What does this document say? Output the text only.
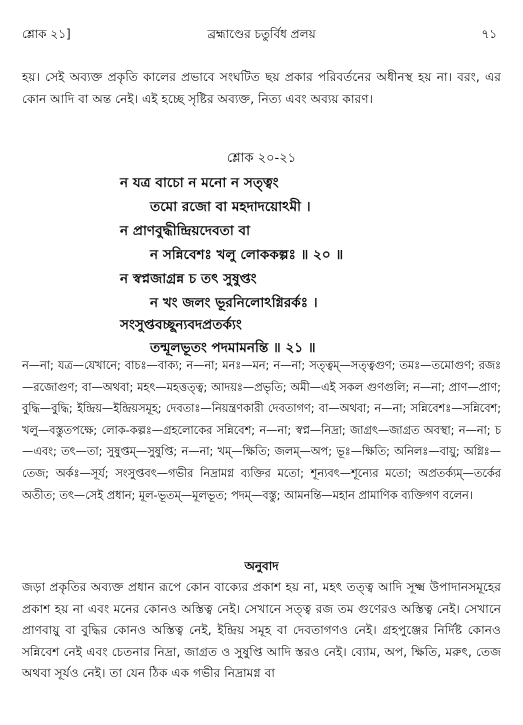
শ্লোক ২১]	ব্রহ্মাণ্ডের চতুর্বিধ প্রলয়	৭১
হয়। সেই অব্যক্ত প্রকৃতি কালের প্রভাবে সংঘটিত ছয় প্রকার পরিবর্তনের অধীনস্থ হয় না। বরং, এর কোন আদি বা অন্ত নেই। এই হচ্ছে সৃষ্টির অব্যক্ত, নিত্য এবং অব্যয় কারণ।
শ্লোক ২০-২১
ন যত্র বাচো ন মনো ন সত্ত্বং
তমো রজো বা মহদাদয়োঽমী ।
ন প্রাণবুদ্ধীন্দ্রিয়দেবতা বা
ন সন্নিবেশঃ খলু লোককল্পঃ ॥ ২০ ॥
ন স্বপ্নজাগ্রন্ন চ তৎ সুষুপ্তং
ন খং জলং ভূরনিলোঽগ্নিরর্কঃ ।
সংসুপ্তবচ্ছূন্যবদপ্রতর্ক্যং
তন্মূলভূতং পদমামনন্তি ॥ ২১ ॥
ন—না; যত্র—যেখানে; বাচঃ—বাক্য; ন—না; মনঃ—মন; ন—না; সত্ত্বম্—সত্ত্বগুণ; তমঃ—তমোগুণ; রজঃ—রজোগুণ; বা—অথবা; মহৎ—মহত্তত্ত্ব; আদয়ঃ—প্রভৃতি; অমী—এই সকল গুণগুলি; ন—না; প্রাণ—প্রাণ; বুদ্ধি—বুদ্ধি; ইন্দ্রিয়—ইন্দ্রিয়সমূহ; দেবতাঃ—নিয়ন্ত্রণকারী দেবতাগণ; বা—অথবা; ন—না; সন্নিবেশঃ—সন্নিবেশ; খলু—বস্তুতপক্ষে; লোক-কল্পঃ—গ্রহলোকের সন্নিবেশ; ন—না; স্বপ্ন—নিদ্রা; জাগ্রৎ—জাগ্রত অবস্থা; ন—না; চ—এবং; তৎ—তা; সুষুপ্তম্—সুষুপ্তি; ন—না; খম্—ক্ষিতি; জলম্—অপ; ভূঃ—ক্ষিতি; অনিলঃ—বায়ু; অগ্নিঃ—তেজ; অর্কঃ—সূর্য; সংসুপ্তবৎ—গভীর নিদ্রামগ্ন ব্যক্তির মতো; শূন্যবৎ—শূন্যের মতো; অপ্রতর্ক্যম্—তর্কের অতীত; তৎ—সেই প্রধান; মূল-ভূতম্—মূলভূত; পদম্—বস্তু; আমনন্তি—মহান প্রামাণিক ব্যক্তিগণ বলেন।
অনুবাদ
জড়া প্রকৃতির অব্যক্ত প্রধান রূপে কোন বাক্যের প্রকাশ হয় না, মহৎ তত্ত্ব আদি সূক্ষ্ম উপাদানসমূহের প্রকাশ হয় না এবং মনের কোনও অস্তিত্ব নেই। সেখানে সত্ত্ব রজ তম গুণেরও অস্তিত্ব নেই। সেখানে প্রাণবায়ু বা বুদ্ধির কোনও অস্তিত্ব নেই, ইন্দ্রিয় সমূহ বা দেবতাগণও নেই। গ্রহপুঞ্জের নির্দিষ্ট কোনও সন্নিবেশ নেই এবং চেতনার নিদ্রা, জাগ্রত ও সুষুপ্তি আদি স্তরও নেই। ব্যোম, অপ, ক্ষিতি, মরুৎ, তেজ অথবা সূর্যও নেই। তা যেন ঠিক এক গভীর নিদ্রামগ্ন বা
